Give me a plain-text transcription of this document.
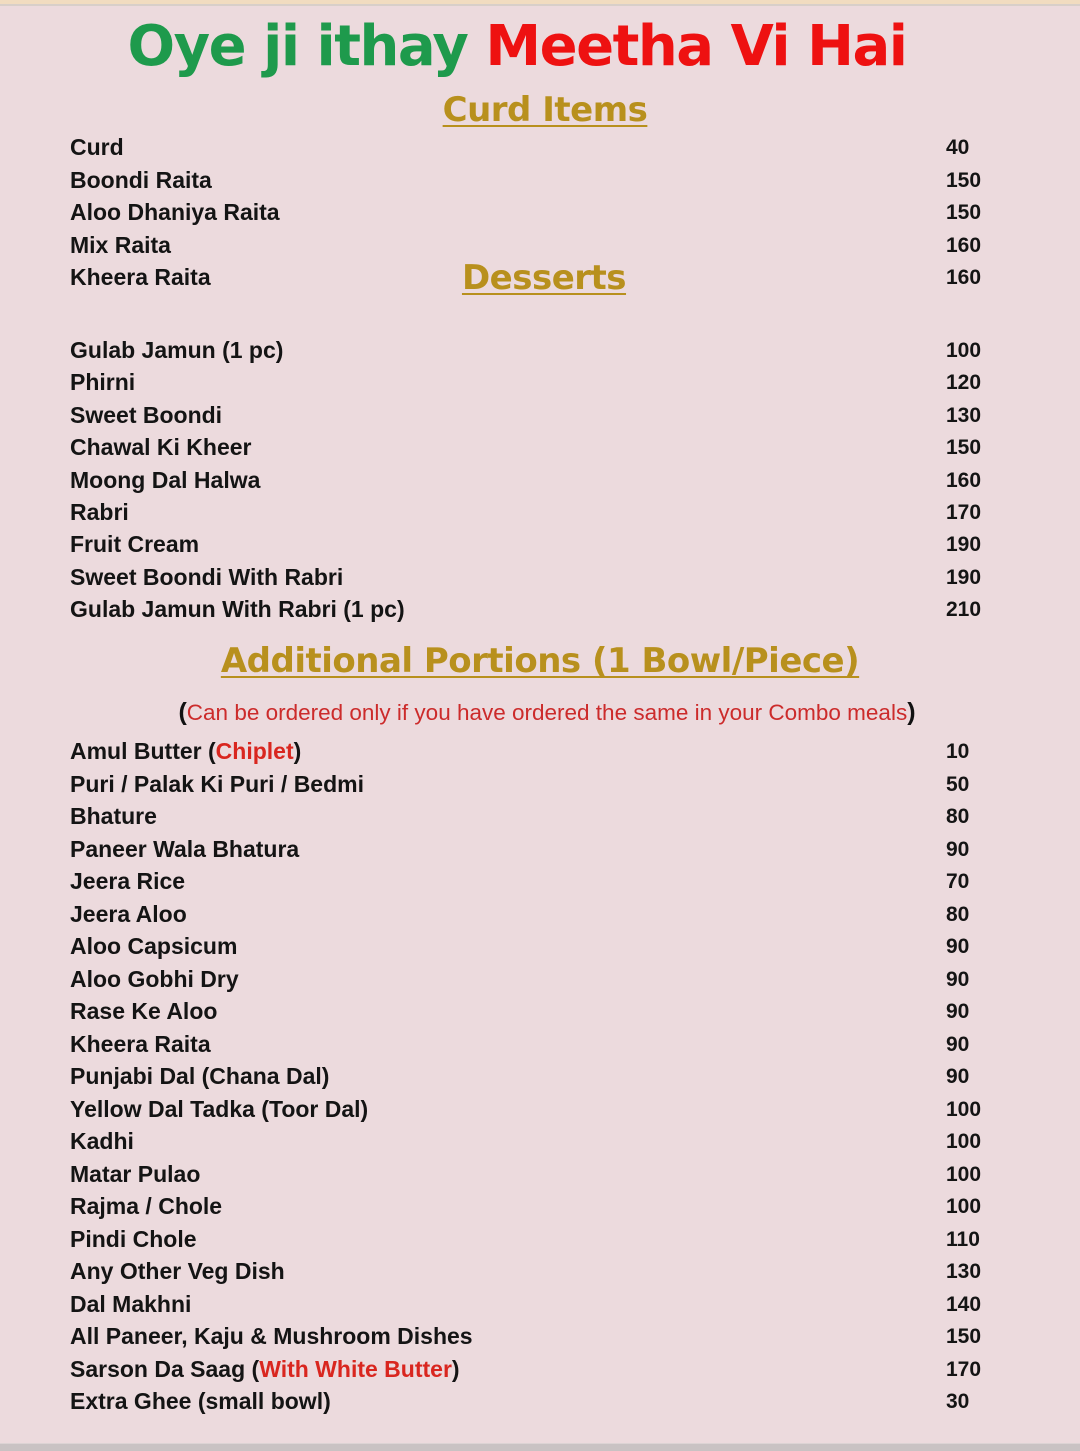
Oye ji ithay Meetha Vi Hai
Curd Items
Curd	40
Boondi Raita	150
Aloo Dhaniya Raita	150
Mix Raita	160
Kheera Raita	160
Desserts
Gulab Jamun (1 pc)	100
Phirni	120
Sweet Boondi	130
Chawal Ki Kheer	150
Moong Dal Halwa	160
Rabri	170
Fruit Cream	190
Sweet Boondi With Rabri	190
Gulab Jamun With Rabri (1 pc)	210
Additional Portions (1 Bowl/Piece)
(Can be ordered only if you have ordered the same in your Combo meals)
Amul Butter (Chiplet)	10
Puri / Palak Ki Puri / Bedmi	50
Bhature	80
Paneer Wala Bhatura	90
Jeera Rice	70
Jeera Aloo	80
Aloo Capsicum	90
Aloo Gobhi Dry	90
Rase Ke Aloo	90
Kheera Raita	90
Punjabi Dal (Chana Dal)	90
Yellow Dal Tadka (Toor Dal)	100
Kadhi	100
Matar Pulao	100
Rajma / Chole	100
Pindi Chole	110
Any Other Veg Dish	130
Dal Makhni	140
All Paneer, Kaju & Mushroom Dishes	150
Sarson Da Saag (With White Butter)	170
Extra Ghee (small bowl)	30
